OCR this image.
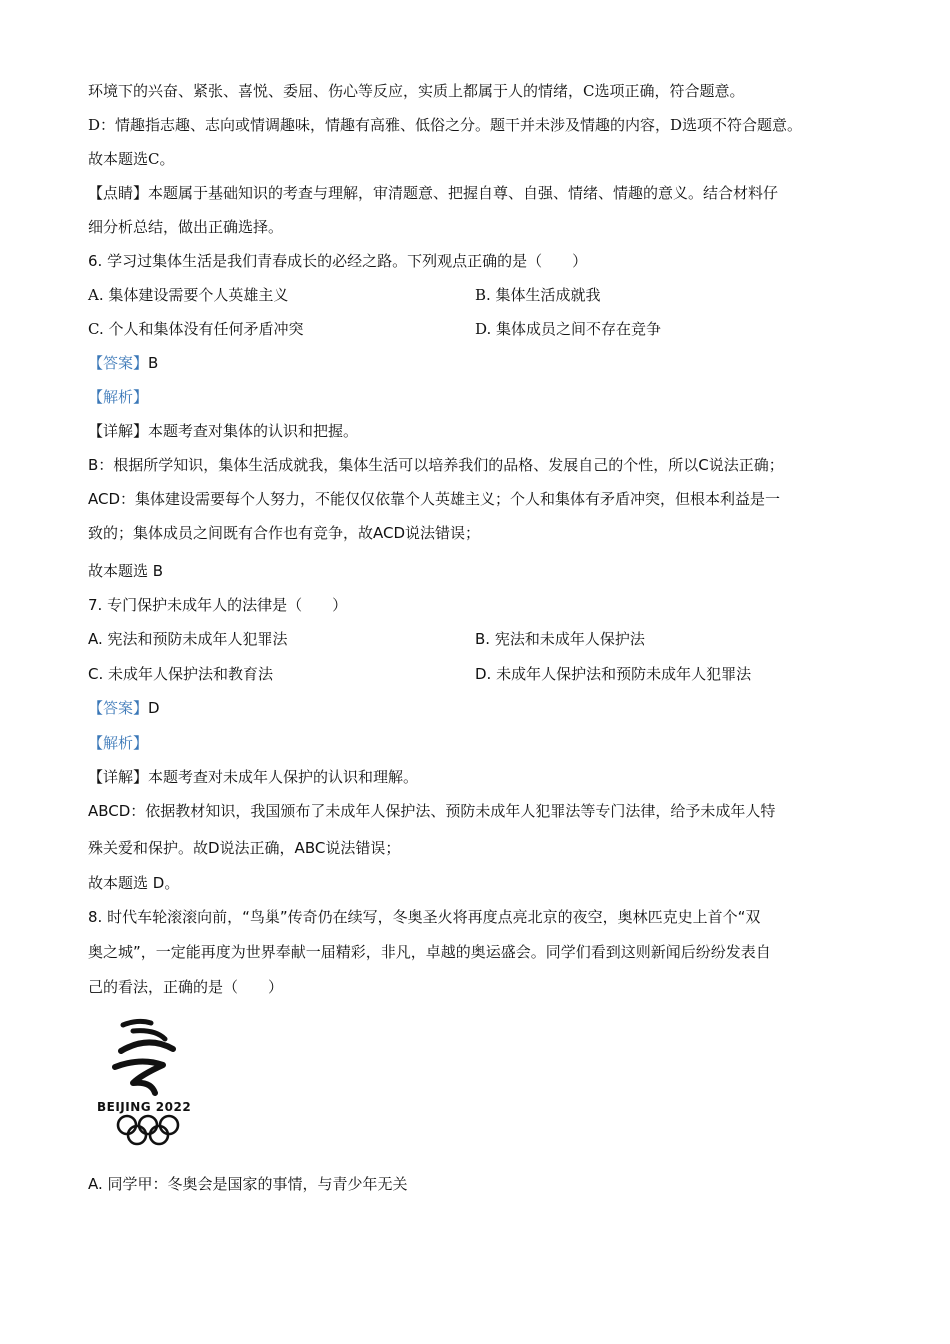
环境下的兴奋、紧张、喜悦、委屈、伤心等反应，实质上都属于人的情绪，C选项正确，符合题意。
D：情趣指志趣、志向或情调趣味，情趣有高雅、低俗之分。题干并未涉及情趣的内容，D选项不符合题意。
故本题选C。
【点睛】本题属于基础知识的考查与理解，审清题意、把握自尊、自强、情绪、情趣的意义。结合材料仔
细分析总结，做出正确选择。
6. 学习过集体生活是我们青春成长的必经之路。下列观点正确的是（　　）
A. 集体建设需要个人英雄主义	B. 集体生活成就我
C. 个人和集体没有任何矛盾冲突	D. 集体成员之间不存在竞争
【答案】B
【解析】
【详解】本题考查对集体的认识和把握。
B：根据所学知识，集体生活成就我，集体生活可以培养我们的品格、发展自己的个性，所以C说法正确；
ACD：集体建设需要每个人努力，不能仅仅依靠个人英雄主义；个人和集体有矛盾冲突，但根本利益是一
致的；集体成员之间既有合作也有竞争，故ACD说法错误；
故本题选 B
7. 专门保护未成年人的法律是（　　）
A. 宪法和预防未成年人犯罪法	B. 宪法和未成年人保护法
C. 未成年人保护法和教育法	D. 未成年人保护法和预防未成年人犯罪法
【答案】D
【解析】
【详解】本题考查对未成年人保护的认识和理解。
ABCD：依据教材知识，我国颁布了未成年人保护法、预防未成年人犯罪法等专门法律，给予未成年人特
殊关爱和保护。故D说法正确，ABC说法错误；
故本题选 D。
8. 时代车轮滚滚向前，“鸟巢”传奇仍在续写，冬奥圣火将再度点亮北京的夜空，奥林匹克史上首个“双
奥之城”，一定能再度为世界奉献一届精彩，非凡，卓越的奥运盛会。同学们看到这则新闻后纷纷发表自
己的看法，正确的是（　　）
A. 同学甲：冬奥会是国家的事情，与青少年无关
BEIJING 2022
